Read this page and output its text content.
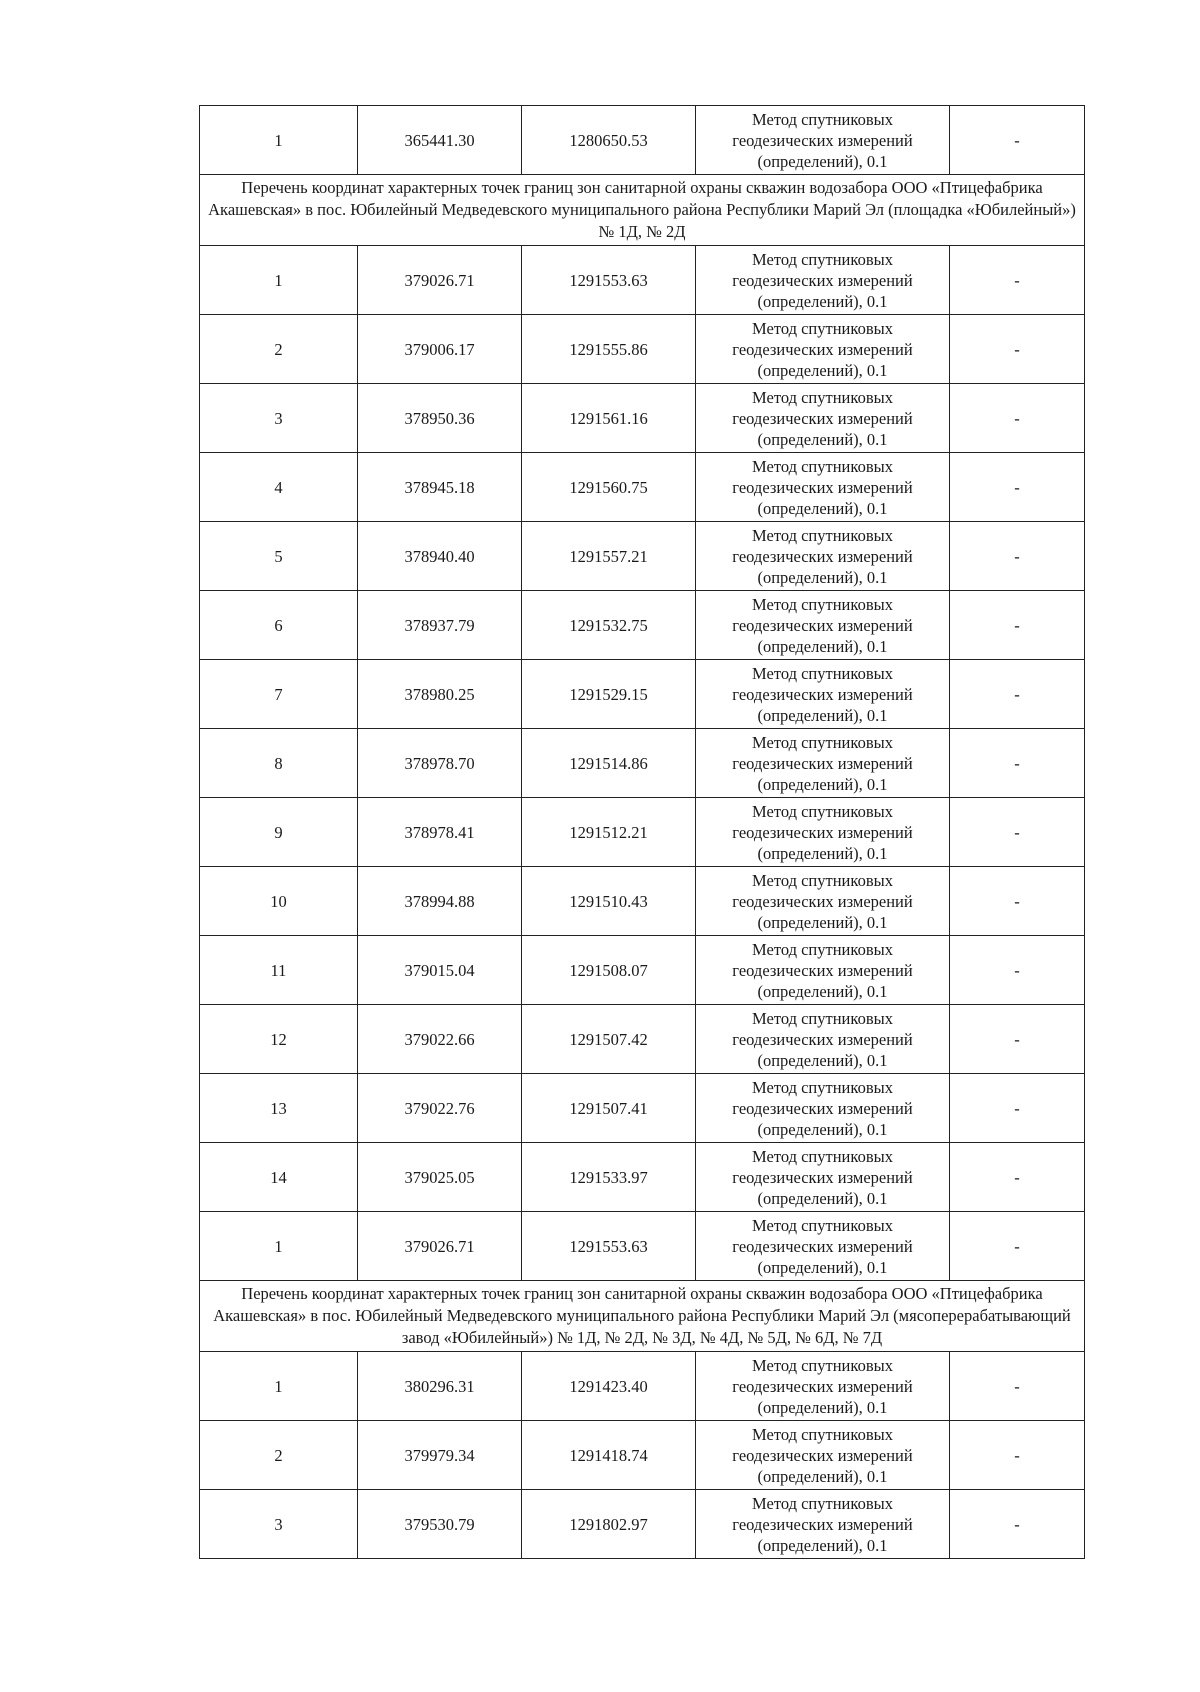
1	365441.30	1280650.53	Метод спутниковых
геодезических измерений
(определений), 0.1	-
Перечень координат характерных точек границ зон санитарной охраны скважин водозабора ООО «Птицефабрика Акашевская» в пос. Юбилейный Медведевского муниципального района Республики Марий Эл (площадка «Юбилейный») № 1Д, № 2Д				
1	379026.71	1291553.63	Метод спутниковых
геодезических измерений
(определений), 0.1	-
2	379006.17	1291555.86	Метод спутниковых
геодезических измерений
(определений), 0.1	-
3	378950.36	1291561.16	Метод спутниковых
геодезических измерений
(определений), 0.1	-
4	378945.18	1291560.75	Метод спутниковых
геодезических измерений
(определений), 0.1	-
5	378940.40	1291557.21	Метод спутниковых
геодезических измерений
(определений), 0.1	-
6	378937.79	1291532.75	Метод спутниковых
геодезических измерений
(определений), 0.1	-
7	378980.25	1291529.15	Метод спутниковых
геодезических измерений
(определений), 0.1	-
8	378978.70	1291514.86	Метод спутниковых
геодезических измерений
(определений), 0.1	-
9	378978.41	1291512.21	Метод спутниковых
геодезических измерений
(определений), 0.1	-
10	378994.88	1291510.43	Метод спутниковых
геодезических измерений
(определений), 0.1	-
11	379015.04	1291508.07	Метод спутниковых
геодезических измерений
(определений), 0.1	-
12	379022.66	1291507.42	Метод спутниковых
геодезических измерений
(определений), 0.1	-
13	379022.76	1291507.41	Метод спутниковых
геодезических измерений
(определений), 0.1	-
14	379025.05	1291533.97	Метод спутниковых
геодезических измерений
(определений), 0.1	-
1	379026.71	1291553.63	Метод спутниковых
геодезических измерений
(определений), 0.1	-
Перечень координат характерных точек границ зон санитарной охраны скважин водозабора ООО «Птицефабрика Акашевская» в пос. Юбилейный Медведевского муниципального района Республики Марий Эл (мясоперерабатывающий завод «Юбилейный») № 1Д, № 2Д, № 3Д, № 4Д, № 5Д, № 6Д, № 7Д				
1	380296.31	1291423.40	Метод спутниковых
геодезических измерений
(определений), 0.1	-
2	379979.34	1291418.74	Метод спутниковых
геодезических измерений
(определений), 0.1	-
3	379530.79	1291802.97	Метод спутниковых
геодезических измерений
(определений), 0.1	-
